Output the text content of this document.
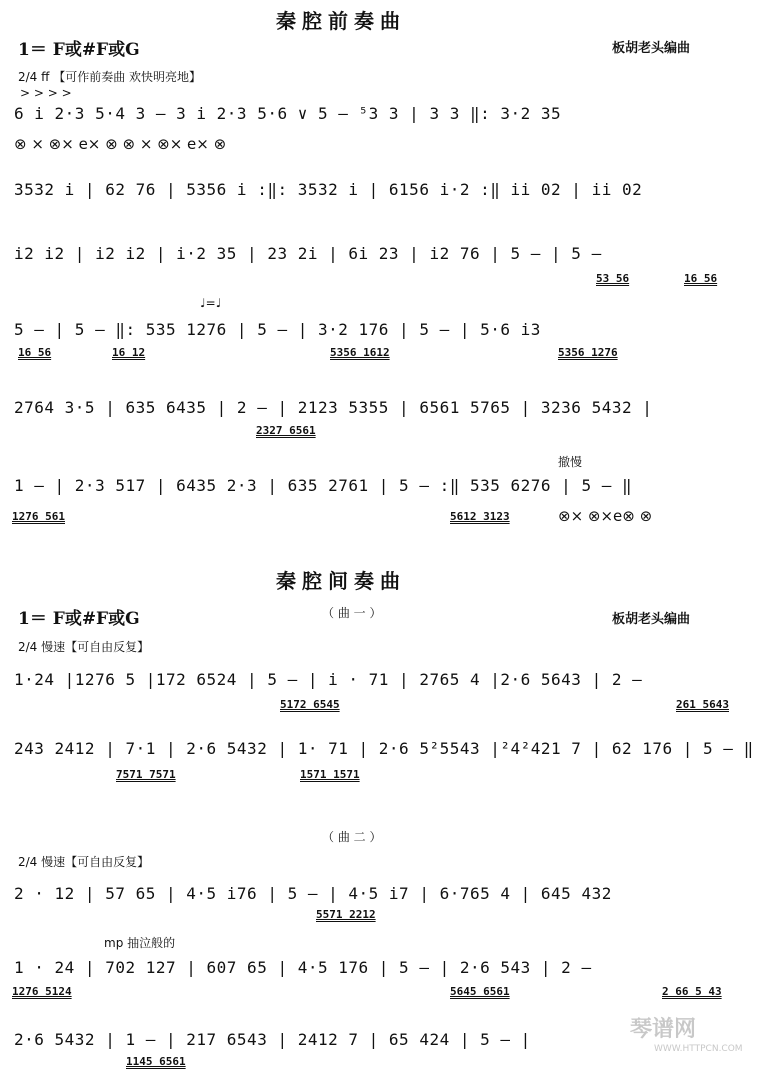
秦腔前奏曲
1＝ F或#F或G	板胡老头编曲
2/4 ff 【可作前奏曲 欢快明亮地】
> > > >
6 i 2·3 5·4 3 – 3 i 2·3 5·6 ∨ 5 – ⁵3 3 | 3 3 ‖: 3·2 35
⊗ × ⊗× e× ⊗ ⊗ × ⊗× e× ⊗
3532 i | 62 76 | 5356 i :‖: 3532 i | 6156 i·2 :‖ ii 02 | ii 02
i2 i2 | i2 i2 | i·2 35 | 23 2i | 6i 23 | i2 76 | 5 – | 5 –
53 56	16 56
♩=♩
5 – | 5 – ‖: 535 1276 | 5 – | 3·2 176 | 5 – | 5·6 i3
16 56	16 12	5356 1612	5356 1276
2764 3·5 | 635 6435 | 2 – | 2123 5355 | 6561 5765 | 3236 5432 |
2327 6561
撤慢
1 – | 2·3 517 | 6435 2·3 | 635 2761 | 5 – :‖ 535 6276 | 5 – ‖
1276 561	5612 3123	⊗× ⊗×e⊗ ⊗
秦腔间奏曲
1＝ F或#F或G	（ 曲 一 ）	板胡老头编曲
2/4 慢速【可自由反复】
1·24 |1276 5 |172 6524 | 5 – | i · 71 | 2765 4 |2·6 5643 | 2 –
5172 6545	261 5643
243 2412 | 7·1 | 2·6 5432 | 1· 71 | 2·6 5²5543 |²4²421 7 | 62 176 | 5 – ‖
7571 7571	1571 1571
（ 曲 二 ）
2/4 慢速【可自由反复】
2 · 12 | 57 65 | 4·5 i76 | 5 – | 4·5 i7 | 6·765 4 | 645 432
5571 2212
mp 抽泣般的
1 · 24 | 702 127 | 607 65 | 4·5 176 | 5 – | 2·6 543 | 2 –
1276 5124	5645 6561	2 66 5 43
2·6 5432 | 1 – | 217 6543 | 2412 7 | 65 424 | 5 – |
1145 6561
琴谱网
WWW.HTTPCN.COM
